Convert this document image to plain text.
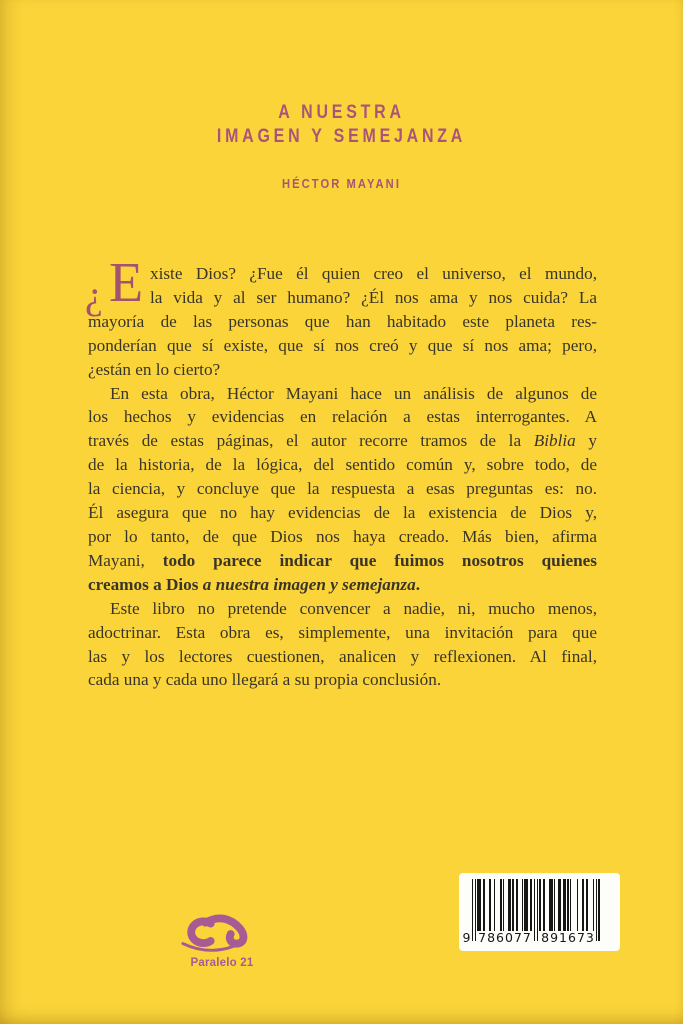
A NUESTRA
IMAGEN Y SEMEJANZA
HÉCTOR MAYANI
¿ E xiste Dios? ¿Fue él quien creo el universo, el mundo,
la vida y al ser humano? ¿Él nos ama y nos cuida? La
mayoría de las personas que han habitado este planeta res-
ponderían que sí existe, que sí nos creó y que sí nos ama; pero,
¿están en lo cierto?
En esta obra, Héctor Mayani hace un análisis de algunos de
los hechos y evidencias en relación a estas interrogantes. A
través de estas páginas, el autor recorre tramos de la Biblia y
de la historia, de la lógica, del sentido común y, sobre todo, de
la ciencia, y concluye que la respuesta a esas preguntas es: no.
Él asegura que no hay evidencias de la existencia de Dios y,
por lo tanto, de que Dios nos haya creado. Más bien, afirma
Mayani, todo parece indicar que fuimos nosotros quienes
creamos a Dios a nuestra imagen y semejanza.
Este libro no pretende convencer a nadie, ni, mucho menos,
adoctrinar. Esta obra es, simplemente, una invitación para que
las y los lectores cuestionen, analicen y reflexionen. Al final,
cada una y cada uno llegará a su propia conclusión.
Paralelo 21
9 786077 891673
